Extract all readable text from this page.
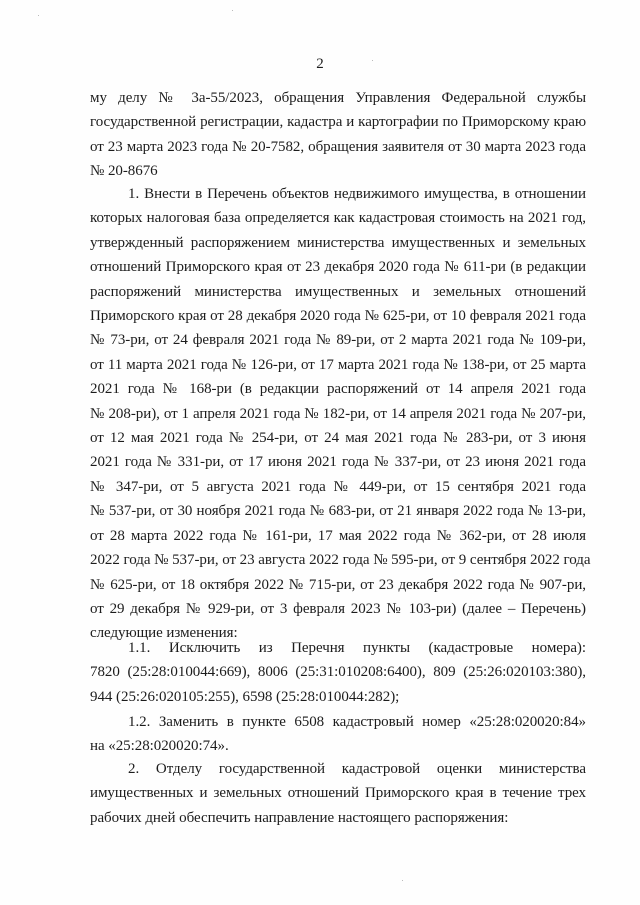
2
му делу № 3а-55/2023, обращения Управления Федеральной службы
государственной регистрации, кадастра и картографии по Приморскому краю
от 23 марта 2023 года № 20-7582, обращения заявителя от 30 марта 2023 года
№ 20-8676
1. Внести в Перечень объектов недвижимого имущества, в отношении
которых налоговая база определяется как кадастровая стоимость на 2021 год,
утвержденный распоряжением министерства имущественных и земельных
отношений Приморского края от 23 декабря 2020 года № 611-ри (в редакции
распоряжений министерства имущественных и земельных отношений
Приморского края от 28 декабря 2020 года № 625-ри, от 10 февраля 2021 года
№ 73-ри, от 24 февраля 2021 года № 89-ри, от 2 марта 2021 года № 109-ри,
от 11 марта 2021 года № 126-ри, от 17 марта 2021 года № 138-ри, от 25 марта
2021 года № 168-ри (в редакции распоряжений от 14 апреля 2021 года
№ 208-ри), от 1 апреля 2021 года № 182-ри, от 14 апреля 2021 года № 207-ри,
от 12 мая 2021 года № 254-ри, от 24 мая 2021 года № 283-ри, от 3 июня
2021 года № 331-ри, от 17 июня 2021 года № 337-ри, от 23 июня 2021 года
№ 347-ри, от 5 августа 2021 года № 449-ри, от 15 сентября 2021 года
№ 537-ри, от 30 ноября 2021 года № 683-ри, от 21 января 2022 года № 13-ри,
от 28 марта 2022 года № 161-ри, 17 мая 2022 года № 362-ри, от 28 июля
2022 года № 537-ри, от 23 августа 2022 года № 595-ри, от 9 сентября 2022 года
№ 625-ри, от 18 октября 2022 № 715-ри, от 23 декабря 2022 года № 907-ри,
от 29 декабря № 929-ри, от 3 февраля 2023 № 103-ри) (далее – Перечень)
следующие изменения:
1.1. Исключить из Перечня пункты (кадастровые номера):
7820 (25:28:010044:669), 8006 (25:31:010208:6400), 809 (25:26:020103:380),
944 (25:26:020105:255), 6598 (25:28:010044:282);
1.2. Заменить в пункте 6508 кадастровый номер «25:28:020020:84»
на «25:28:020020:74».
2. Отделу государственной кадастровой оценки министерства
имущественных и земельных отношений Приморского края в течение трех
рабочих дней обеспечить направление настоящего распоряжения:
